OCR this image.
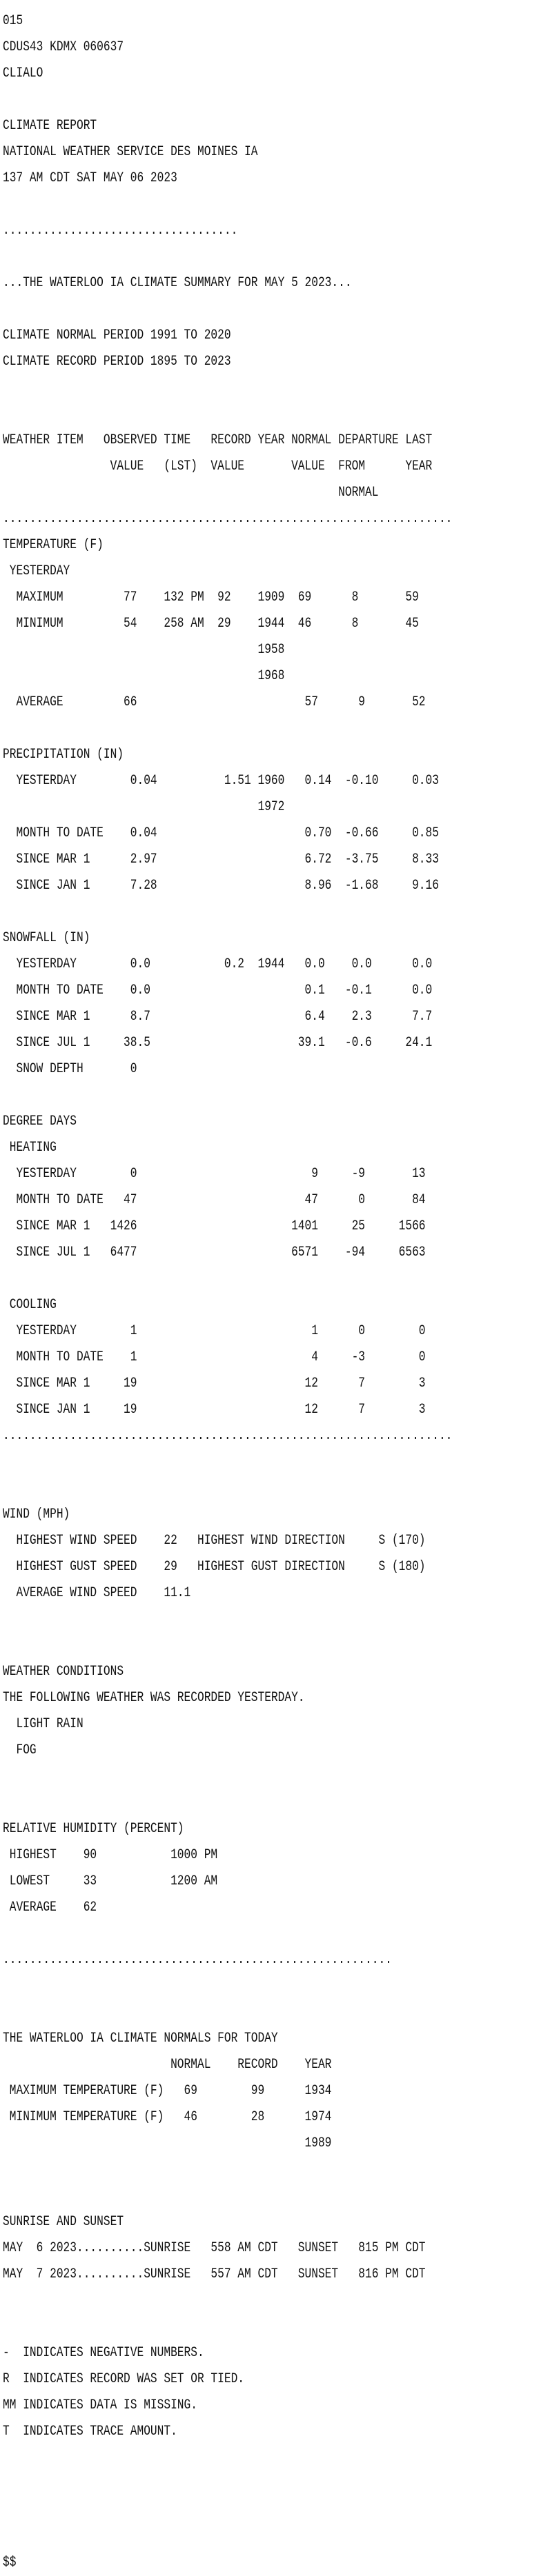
015

CDUS43 KDMX 060637

CLIALO

CLIMATE REPORT

NATIONAL WEATHER SERVICE DES MOINES IA

137 AM CDT SAT MAY 06 2023

...................................

...THE WATERLOO IA CLIMATE SUMMARY FOR MAY 5 2023...

CLIMATE NORMAL PERIOD 1991 TO 2020

CLIMATE RECORD PERIOD 1895 TO 2023

WEATHER ITEM   OBSERVED TIME   RECORD YEAR NORMAL DEPARTURE LAST

VALUE   (LST)  VALUE       VALUE  FROM      YEAR

NORMAL

...................................................................

TEMPERATURE (F)

YESTERDAY

MAXIMUM         77    132 PM  92    1909  69      8       59

MINIMUM         54    258 AM  29    1944  46      8       45

1958

1968

AVERAGE         66                         57      9       52

PRECIPITATION (IN)

YESTERDAY        0.04          1.51 1960   0.14  -0.10     0.03

1972

MONTH TO DATE    0.04                      0.70  -0.66     0.85

SINCE MAR 1      2.97                      6.72  -3.75     8.33

SINCE JAN 1      7.28                      8.96  -1.68     9.16

SNOWFALL (IN)

YESTERDAY        0.0           0.2  1944   0.0    0.0      0.0

MONTH TO DATE    0.0                       0.1   -0.1      0.0

SINCE MAR 1      8.7                       6.4    2.3      7.7

SINCE JUL 1     38.5                      39.1   -0.6     24.1

SNOW DEPTH       0

DEGREE DAYS

HEATING

YESTERDAY        0                          9     -9       13

MONTH TO DATE   47                         47      0       84

SINCE MAR 1   1426                       1401     25     1566

SINCE JUL 1   6477                       6571    -94     6563

COOLING

YESTERDAY        1                          1      0        0

MONTH TO DATE    1                          4     -3        0

SINCE MAR 1     19                         12      7        3

SINCE JAN 1     19                         12      7        3

...................................................................

WIND (MPH)

HIGHEST WIND SPEED    22   HIGHEST WIND DIRECTION     S (170)

HIGHEST GUST SPEED    29   HIGHEST GUST DIRECTION     S (180)

AVERAGE WIND SPEED    11.1

WEATHER CONDITIONS

THE FOLLOWING WEATHER WAS RECORDED YESTERDAY.

LIGHT RAIN

FOG

RELATIVE HUMIDITY (PERCENT)

HIGHEST    90           1000 PM

LOWEST     33           1200 AM

AVERAGE    62

..........................................................

THE WATERLOO IA CLIMATE NORMALS FOR TODAY

NORMAL    RECORD    YEAR

MAXIMUM TEMPERATURE (F)   69        99      1934

MINIMUM TEMPERATURE (F)   46        28      1974

1989

SUNRISE AND SUNSET

MAY  6 2023..........SUNRISE   558 AM CDT   SUNSET   815 PM CDT

MAY  7 2023..........SUNRISE   557 AM CDT   SUNSET   816 PM CDT

-  INDICATES NEGATIVE NUMBERS.

R  INDICATES RECORD WAS SET OR TIED.

MM INDICATES DATA IS MISSING.

T  INDICATES TRACE AMOUNT.

$$
